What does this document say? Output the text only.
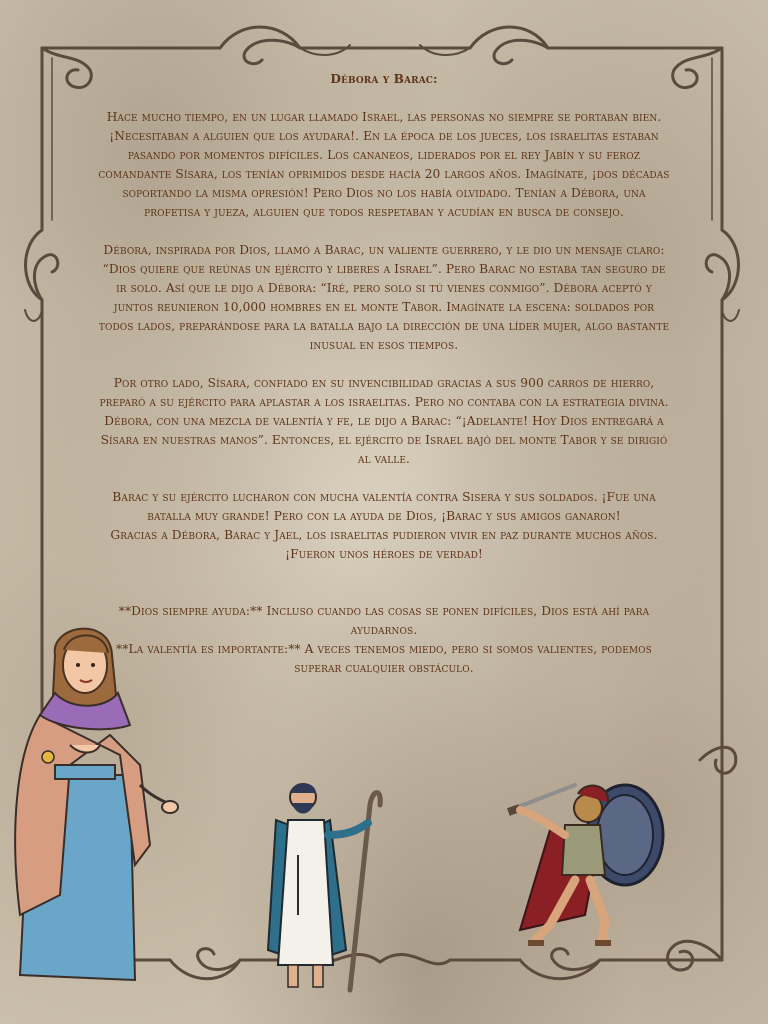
Débora y Barac:

Hace mucho tiempo, en un lugar llamado Israel, las personas no siempre se portaban bien. ¡Necesitaban a alguien que los ayudara!. En la época de los jueces, los israelitas estaban pasando por momentos difíciles. Los cananeos, liderados por el rey Jabín y su feroz comandante Sísara, los tenían oprimidos desde hacía 20 largos años. Imagínate, ¡dos décadas soportando la misma opresión! Pero Dios no los había olvidado. Tenían a Débora, una profetisa y jueza, alguien que todos respetaban y acudían en busca de consejo.

Débora, inspirada por Dios, llamó a Barac, un valiente guerrero, y le dio un mensaje claro: “Dios quiere que reúnas un ejército y liberes a Israel”. Pero Barac no estaba tan seguro de ir solo. Así que le dijo a Débora: “Iré, pero solo si tú vienes conmigo”. Débora aceptó y juntos reunieron 10,000 hombres en el monte Tabor. Imagínate la escena: soldados por todos lados, preparándose para la batalla bajo la dirección de una líder mujer, algo bastante inusual en esos tiempos.

Por otro lado, Sísara, confiado en su invencibilidad gracias a sus 900 carros de hierro, preparó a su ejército para aplastar a los israelitas. Pero no contaba con la estrategia divina. Débora, con una mezcla de valentía y fe, le dijo a Barac: “¡Adelante! Hoy Dios entregará a Sísara en nuestras manos”. Entonces, el ejército de Israel bajó del monte Tabor y se dirigió al valle.

Barac y su ejército lucharon con mucha valentía contra Sisera y sus soldados. ¡Fue una batalla muy grande! Pero con la ayuda de Dios, ¡Barac y sus amigos ganaron!

Gracias a Débora, Barac y Jael, los israelitas pudieron vivir en paz durante muchos años. ¡Fueron unos héroes de verdad!

**Dios siempre ayuda:** Incluso cuando las cosas se ponen difíciles, Dios está ahí para ayudarnos.

**La valentía es importante:** A veces tenemos miedo, pero si somos valientes, podemos superar cualquier obstáculo.
